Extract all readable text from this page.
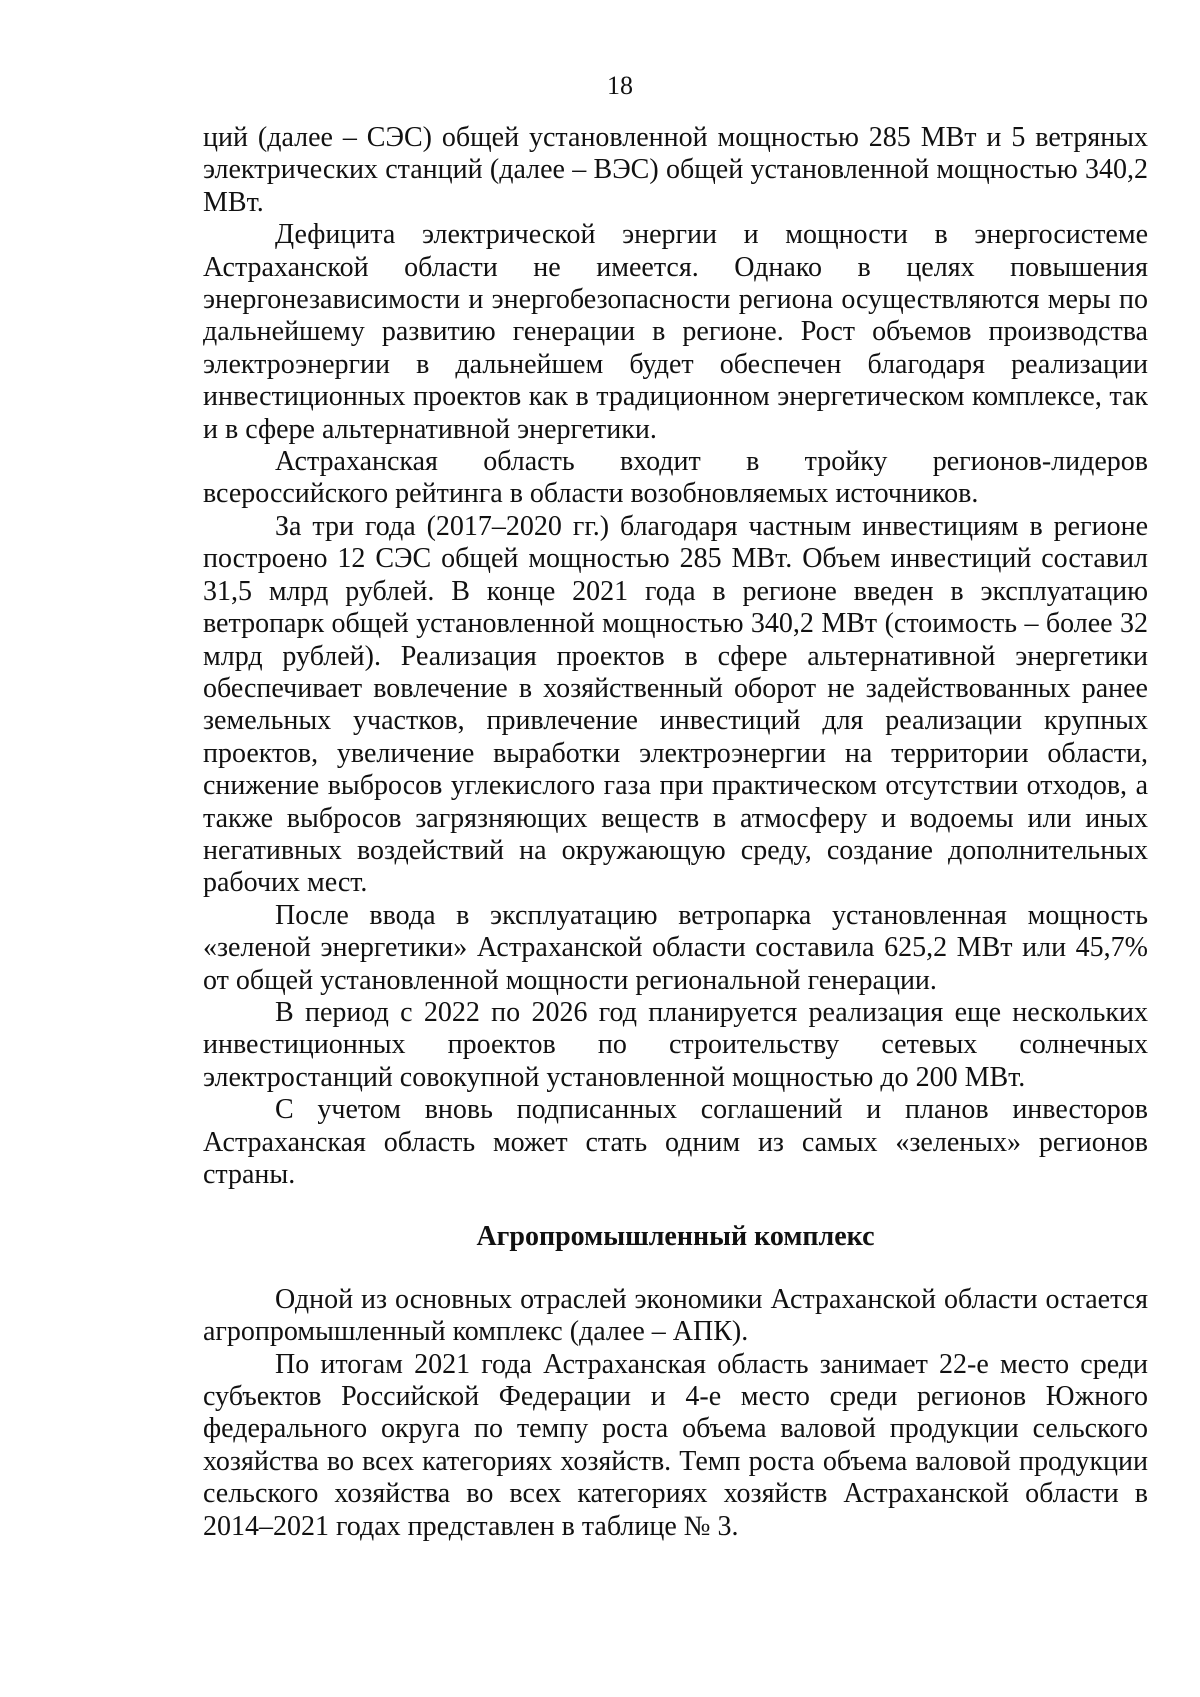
18

ций (далее – СЭС) общей установленной мощностью 285 МВт и 5 ветряных электрических станций (далее – ВЭС) общей установленной мощностью 340,2 МВт.

Дефицита электрической энергии и мощности в энергосистеме Астраханской области не имеется. Однако в целях повышения энергонезависимости и энергобезопасности региона осуществляются меры по дальнейшему развитию генерации в регионе. Рост объемов производства электроэнергии в дальнейшем будет обеспечен благодаря реализации инвестиционных проектов как в традиционном энергетическом комплексе, так и в сфере альтернативной энергетики.

Астраханская область входит в тройку регионов-лидеров всероссийского рейтинга в области возобновляемых источников.

За три года (2017–2020 гг.) благодаря частным инвестициям в регионе построено 12 СЭС общей мощностью 285 МВт. Объем инвестиций составил 31,5 млрд рублей. В конце 2021 года в регионе введен в эксплуатацию ветропарк общей установленной мощностью 340,2 МВт (стоимость – более 32 млрд рублей). Реализация проектов в сфере альтернативной энергетики обеспечивает вовлечение в хозяйственный оборот не задействованных ранее земельных участков, привлечение инвестиций для реализации крупных проектов, увеличение выработки электроэнергии на территории области, снижение выбросов углекислого газа при практическом отсутствии отходов, а также выбросов загрязняющих веществ в атмосферу и водоемы или иных негативных воздействий на окружающую среду, создание дополнительных рабочих мест.

После ввода в эксплуатацию ветропарка установленная мощность «зеленой энергетики» Астраханской области составила 625,2 МВт или 45,7% от общей установленной мощности региональной генерации.

В период с 2022 по 2026 год планируется реализация еще нескольких инвестиционных проектов по строительству сетевых солнечных электростанций совокупной установленной мощностью до 200 МВт.

С учетом вновь подписанных соглашений и планов инвесторов Астраханская область может стать одним из самых «зеленых» регионов страны.

Агропромышленный комплекс

Одной из основных отраслей экономики Астраханской области остается агропромышленный комплекс (далее – АПК).

По итогам 2021 года Астраханская область занимает 22-е место среди субъектов Российской Федерации и 4-е место среди регионов Южного федерального округа по темпу роста объема валовой продукции сельского хозяйства во всех категориях хозяйств. Темп роста объема валовой продукции сельского хозяйства во всех категориях хозяйств Астраханской области в 2014–2021 годах представлен в таблице № 3.
